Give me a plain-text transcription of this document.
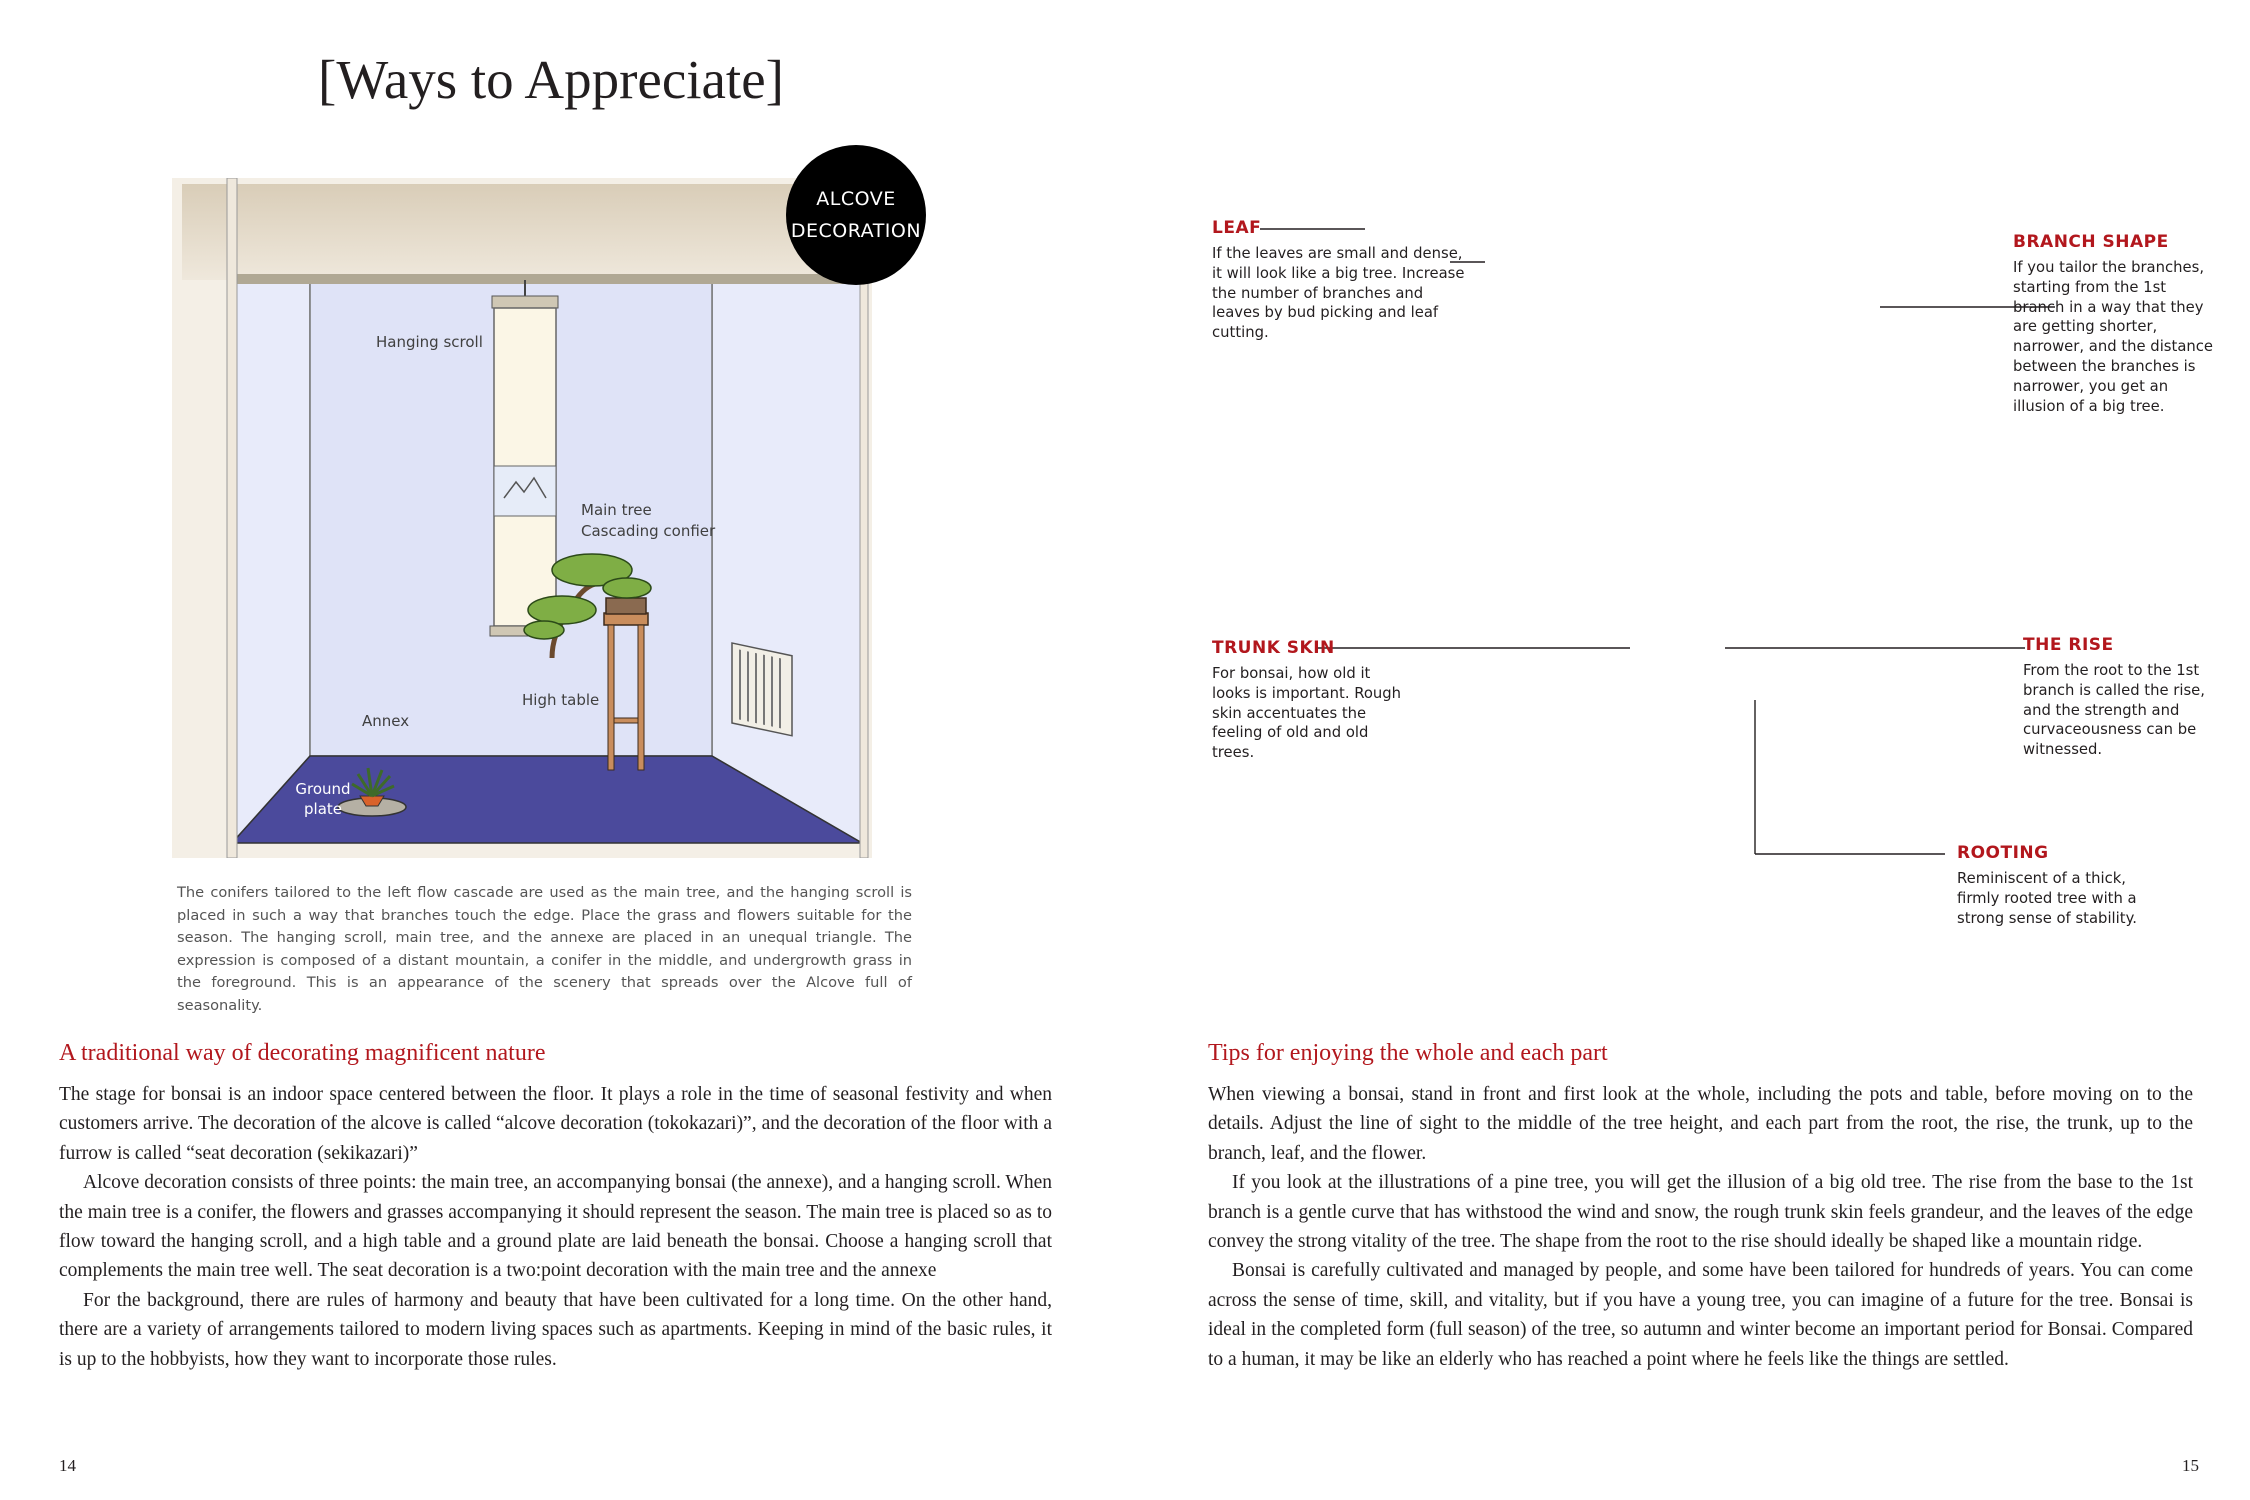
[Ways to Appreciate]
ALCOVE
DECORATION
Hanging scroll
Main tree
Cascading confier
High table
Annex
Ground
plate
The conifers tailored to the left flow cascade are used as the main tree, and the hanging scroll is placed in such a way that branches touch the edge. Place the grass and flowers suitable for the season. The hanging scroll, main tree, and the annexe are placed in an unequal triangle. The expression is composed of a distant mountain, a conifer in the middle, and undergrowth grass in the foreground. This is an appearance of the scenery that spreads over the Alcove full of seasonality.
A traditional way of decorating magnificent nature

The stage for bonsai is an indoor space centered between the floor. It plays a role in the time of seasonal festivity and when customers arrive. The decoration of the alcove is called “alcove decoration (tokokazari)”, and the decoration of the floor with a furrow is called “seat decoration (sekikazari)”

Alcove decoration consists of three points: the main tree, an accompanying bonsai (the annexe), and a hanging scroll. When the main tree is a conifer, the flowers and grasses accompanying it should represent the season. The main tree is placed so as to flow toward the hanging scroll, and a high table and a ground plate are laid beneath the bonsai. Choose a hanging scroll that complements the main tree well. The seat decoration is a two:point decoration with the main tree and the annexe

For the background, there are rules of harmony and beauty that have been cultivated for a long time. On the other hand, there are a variety of arrangements tailored to modern living spaces such as apartments. Keeping in mind of the basic rules, it is up to the hobbyists, how they want to incorporate those rules.

14
LEAF
If the leaves are small and dense, it will look like a big tree. Increase the number of branches and leaves by bud picking and leaf cutting.
BRANCH SHAPE
If you tailor the branches, starting from the 1st branch in a way that they are getting shorter, narrower, and the distance between the branches is narrower, you get an illusion of a big tree.
TRUNK SKIN
For bonsai, how old it looks is important. Rough skin accentuates the feeling of old and old trees.
THE RISE
From the root to the 1st branch is called the rise, and the strength and curvaceousness can be witnessed.
ROOTING
Reminiscent of a thick, firmly rooted tree with a strong sense of stability.
Tips for enjoying the whole and each part

When viewing a bonsai, stand in front and first look at the whole, including the pots and table, before moving on to the details. Adjust the line of sight to the middle of the tree height, and each part from the root, the rise, the trunk, up to the branch, leaf, and the flower.

If you look at the illustrations of a pine tree, you will get the illusion of a big old tree. The rise from the base to the 1st branch is a gentle curve that has withstood the wind and snow, the rough trunk skin feels grandeur, and the leaves of the edge convey the strong vitality of the tree. The shape from the root to the rise should ideally be shaped like a mountain ridge.

Bonsai is carefully cultivated and managed by people, and some have been tailored for hundreds of years. You can come across the sense of time, skill, and vitality, but if you have a young tree, you can imagine of a future for the tree. Bonsai is ideal in the completed form (full season) of the tree, so autumn and winter become an important period for Bonsai. Compared to a human, it may be like an elderly who has reached a point where he feels like the things are settled.

15
